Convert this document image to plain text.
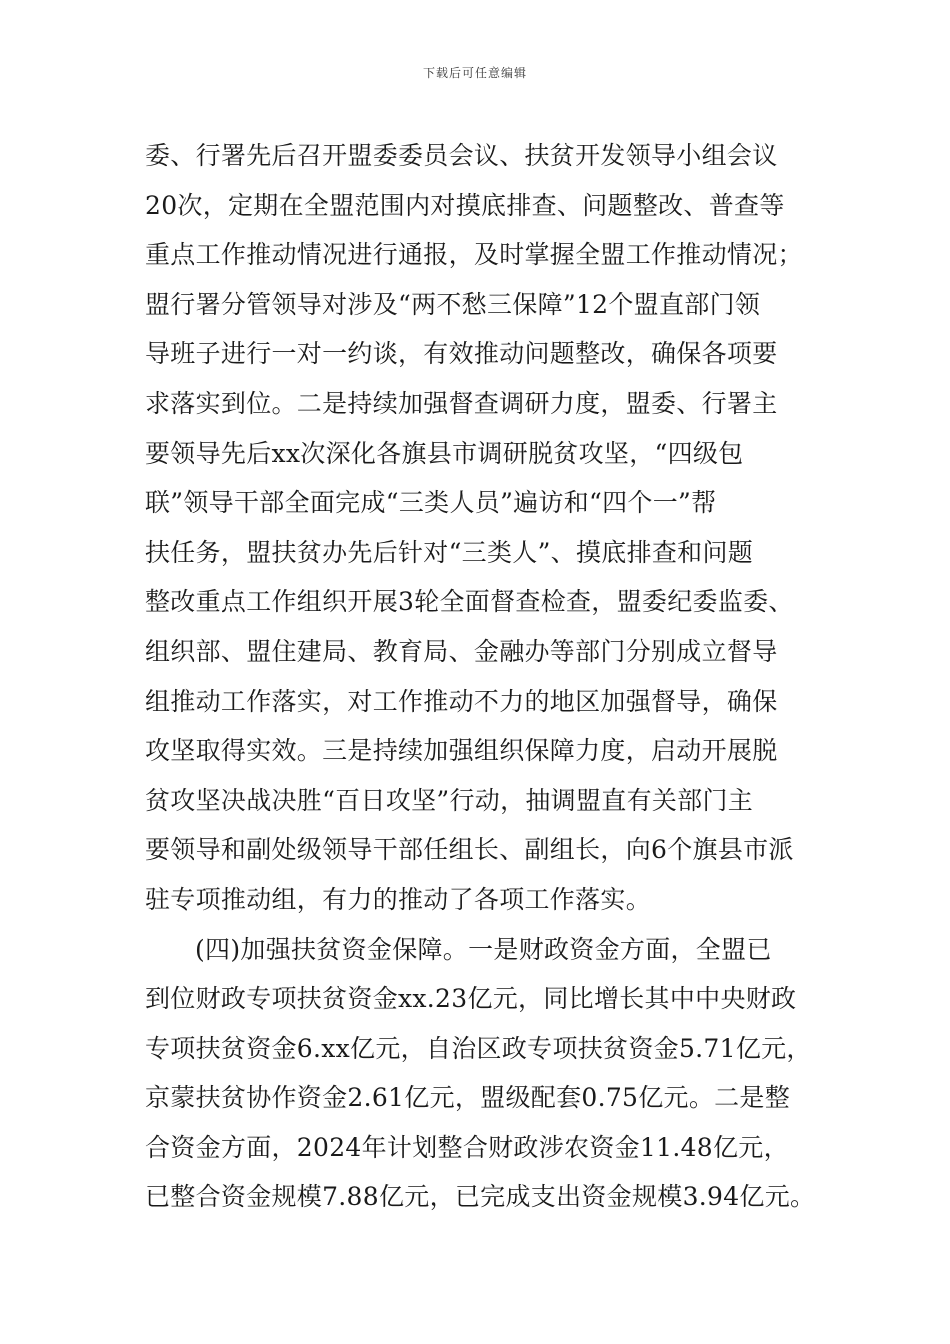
下载后可任意编辑
委、行署先后召开盟委委员会议、扶贫开发领导小组会议
20次，定期在全盟范围内对摸底排查、问题整改、普查等
重点工作推动情况进行通报，及时掌握全盟工作推动情况；
盟行署分管领导对涉及“两不愁三保障”12个盟直部门领
导班子进行一对一约谈，有效推动问题整改，确保各项要
求落实到位。二是持续加强督查调研力度，盟委、行署主
要领导先后xx次深化各旗县市调研脱贫攻坚，“四级包
联”领导干部全面完成“三类人员”遍访和“四个一”帮
扶任务，盟扶贫办先后针对“三类人”、摸底排查和问题
整改重点工作组织开展3轮全面督查检查，盟委纪委监委、
组织部、盟住建局、教育局、金融办等部门分别成立督导
组推动工作落实，对工作推动不力的地区加强督导，确保
攻坚取得实效。三是持续加强组织保障力度，启动开展脱
贫攻坚决战决胜“百日攻坚”行动，抽调盟直有关部门主
要领导和副处级领导干部任组长、副组长，向6个旗县市派
驻专项推动组，有力的推动了各项工作落实。
(四)加强扶贫资金保障。一是财政资金方面，全盟已
到位财政专项扶贫资金xx.23亿元，同比增长其中中央财政
专项扶贫资金6.xx亿元，自治区政专项扶贫资金5.71亿元，
京蒙扶贫协作资金2.61亿元，盟级配套0.75亿元。二是整
合资金方面，2024年计划整合财政涉农资金11.48亿元，
已整合资金规模7.88亿元，已完成支出资金规模3.94亿元。
